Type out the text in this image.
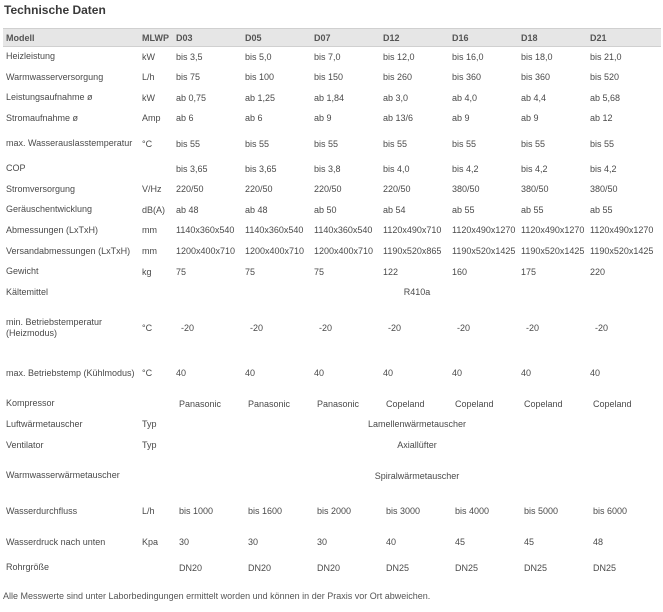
Technische Daten
Modell	MLWP	D03	D05	D07	D12	D16	D18	D21
Heizleistung	kW	bis 3,5	bis 5,0	bis 7,0	bis 12,0	bis 16,0	bis 18,0	bis 21,0
Warmwasserversorgung	L/h	bis 75	bis 100	bis 150	bis 260	bis 360	bis 360	bis 520
Leistungsaufnahme ø	kW	ab 0,75	ab 1,25	ab 1,84	ab 3,0	ab 4,0	ab 4,4	ab 5,68
Stromaufnahme ø	Amp	ab 6	ab 6	ab 9	ab 13/6	ab 9	ab 9	ab 12
max. Wasserauslasstemperatur	°C	bis 55	bis 55	bis 55	bis 55	bis 55	bis 55	bis 55
COP		bis 3,65	bis 3,65	bis 3,8	bis 4,0	bis 4,2	bis 4,2	bis 4,2
Stromversorgung	V/Hz	220/50	220/50	220/50	220/50	380/50	380/50	380/50
Geräuschentwicklung	dB(A)	ab 48	ab 48	ab 50	ab 54	ab 55	ab 55	ab 55
Abmessungen (LxTxH)	mm	1140x360x540	1140x360x540	1140x360x540	1120x490x710	1120x490x1270	1120x490x1270	1120x490x1270
Versandabmessungen (LxTxH)	mm	1200x400x710	1200x400x710	1200x400x710	1190x520x865	1190x520x1425	1190x520x1425	1190x520x1425
Gewicht	kg	75	75	75	122	160	175	220
Kältemittel		R410a						
min. Betriebstemperatur (Heizmodus)	°C	-20	-20	-20	-20	-20	-20	-20
max. Betriebstemp (Kühlmodus)	°C	40	40	40	40	40	40	40
Kompressor		Panasonic	Panasonic	Panasonic	Copeland	Copeland	Copeland	Copeland
Luftwärmetauscher	Typ	Lamellenwärmetauscher						
Ventilator	Typ	Axiallüfter						
Warmwasserwärmetauscher		Spiralwärmetauscher						
Wasserdurchfluss	L/h	bis 1000	bis 1600	bis 2000	bis 3000	bis 4000	bis 5000	bis 6000
Wasserdruck nach unten	Kpa	30	30	30	40	45	45	48
Rohrgröße		DN20	DN20	DN20	DN25	DN25	DN25	DN25

Alle Messwerte sind unter Laborbedingungen ermittelt worden und können in der Praxis vor Ort abweichen.
